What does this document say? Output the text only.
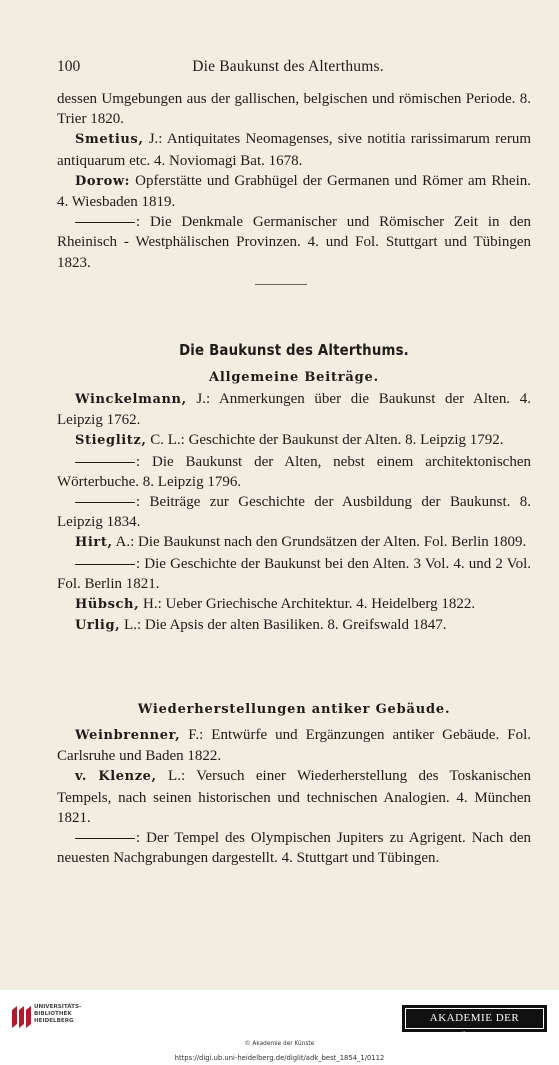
100	Die Baukunst des Alterthums.

dessen Umgebungen aus der gallischen, belgischen und römischen Periode. 8. Trier 1820.

Smetius, J.: Antiquitates Neomagenses, sive notitia rarissimarum rerum antiquarum etc. 4. Noviomagi Bat. 1678.

Dorow: Opferstätte und Grabhügel der Germanen und Römer am Rhein. 4. Wiesbaden 1819.

: Die Denkmale Germanischer und Römischer Zeit in den Rheinisch - Westphälischen Provinzen. 4. und Fol. Stuttgart und Tübingen 1823.

Die Baukunst des Alterthums.
Allgemeine Beiträge.

Winckelmann, J.: Anmerkungen über die Baukunst der Alten. 4. Leipzig 1762.

Stieglitz, C. L.: Geschichte der Baukunst der Alten. 8. Leipzig 1792.

: Die Baukunst der Alten, nebst einem architektonischen Wörterbuche. 8. Leipzig 1796.

: Beiträge zur Geschichte der Ausbildung der Baukunst. 8. Leipzig 1834.

Hirt, A.: Die Baukunst nach den Grundsätzen der Alten. Fol. Berlin 1809.

: Die Geschichte der Baukunst bei den Alten. 3 Vol. 4. und 2 Vol. Fol. Berlin 1821.

Hübsch, H.: Ueber Griechische Architektur. 4. Heidelberg 1822.

Urlig, L.: Die Apsis der alten Basiliken. 8. Greifswald 1847.

Wiederherstellungen antiker Gebäude.

Weinbrenner, F.: Entwürfe und Ergänzungen antiker Gebäude. Fol. Carlsruhe und Baden 1822.

v. Klenze, L.: Versuch einer Wiederherstellung des Toskanischen Tempels, nach seinen historischen und technischen Analogien. 4. München 1821.

: Der Tempel des Olympischen Jupiters zu Agrigent. Nach den neuesten Nachgrabungen dargestellt. 4. Stuttgart und Tübingen.

UNIVERSITÄTS-
BIBLIOTHEK
HEIDELBERG	AKADEMIE DER KÜNSTE
© Akademie der Künste
https://digi.ub.uni-heidelberg.de/diglit/adk_best_1854_1/0112
